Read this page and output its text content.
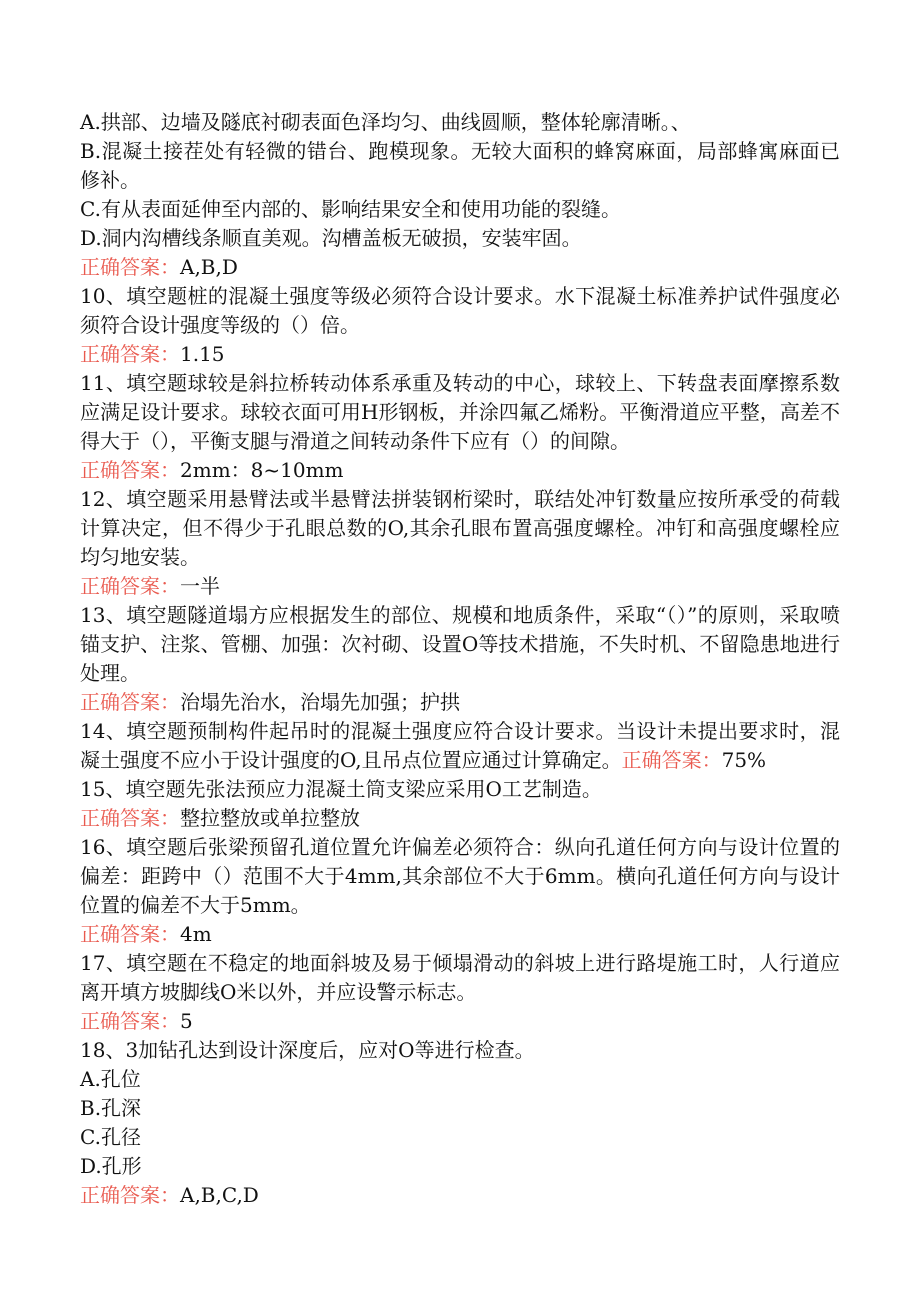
A.拱部、边墙及隧底衬砌表面色泽均匀、曲线圆顺，整体轮廓清晰。、
B.混凝土接茬处有轻微的错台、跑模现象。无较大面积的蜂窝麻面，局部蜂寓麻面已修补。
C.有从表面延伸至内部的、影响结果安全和使用功能的裂缝。
D.洞内沟槽线条顺直美观。沟槽盖板无破损，安装牢固。
正确答案：A,B,D
10、填空题桩的混凝土强度等级必须符合设计要求。水下混凝土标准养护试件强度必须符合设计强度等级的（）倍。
正确答案：1.15
11、填空题球较是斜拉桥转动体系承重及转动的中心，球较上、下转盘表面摩擦系数应满足设计要求。球较衣面可用H形钢板，并涂四氟乙烯粉。平衡滑道应平整，高差不得大于（），平衡支腿与滑道之间转动条件下应有（）的间隙。
正确答案：2mm：8~10mm
12、填空题采用悬臂法或半悬臂法拼装钢桁梁时，联结处冲钉数量应按所承受的荷载计算决定，但不得少于孔眼总数的O,其余孔眼布置高强度螺栓。冲钉和高强度螺栓应均匀地安装。
正确答案：一半
13、填空题隧道塌方应根据发生的部位、规模和地质条件，采取“（）”的原则，采取喷锚支护、注浆、管棚、加强：次衬砌、设置O等技术措施，不失时机、不留隐患地进行处理。
正确答案：治塌先治水，治塌先加强；护拱
14、填空题预制构件起吊时的混凝土强度应符合设计要求。当设计未提出要求时，混凝土强度不应小于设计强度的O,且吊点位置应通过计算确定。正确答案：75%
15、填空题先张法预应力混凝土筒支梁应采用O工艺制造。
正确答案：整拉整放或单拉整放
16、填空题后张梁预留孔道位置允许偏差必须符合：纵向孔道任何方向与设计位置的偏差：距跨中（）范围不大于4mm,其余部位不大于6mm。横向孔道任何方向与设计位置的偏差不大于5mm。
正确答案：4m
17、填空题在不稳定的地面斜坡及易于倾塌滑动的斜坡上进行路堤施工时，人行道应离开填方坡脚线O米以外，并应设警示标志。
正确答案：5
18、3加钻孔达到设计深度后，应对O等进行检查。
A.孔位
B.孔深
C.孔径
D.孔形
正确答案：A,B,C,D
